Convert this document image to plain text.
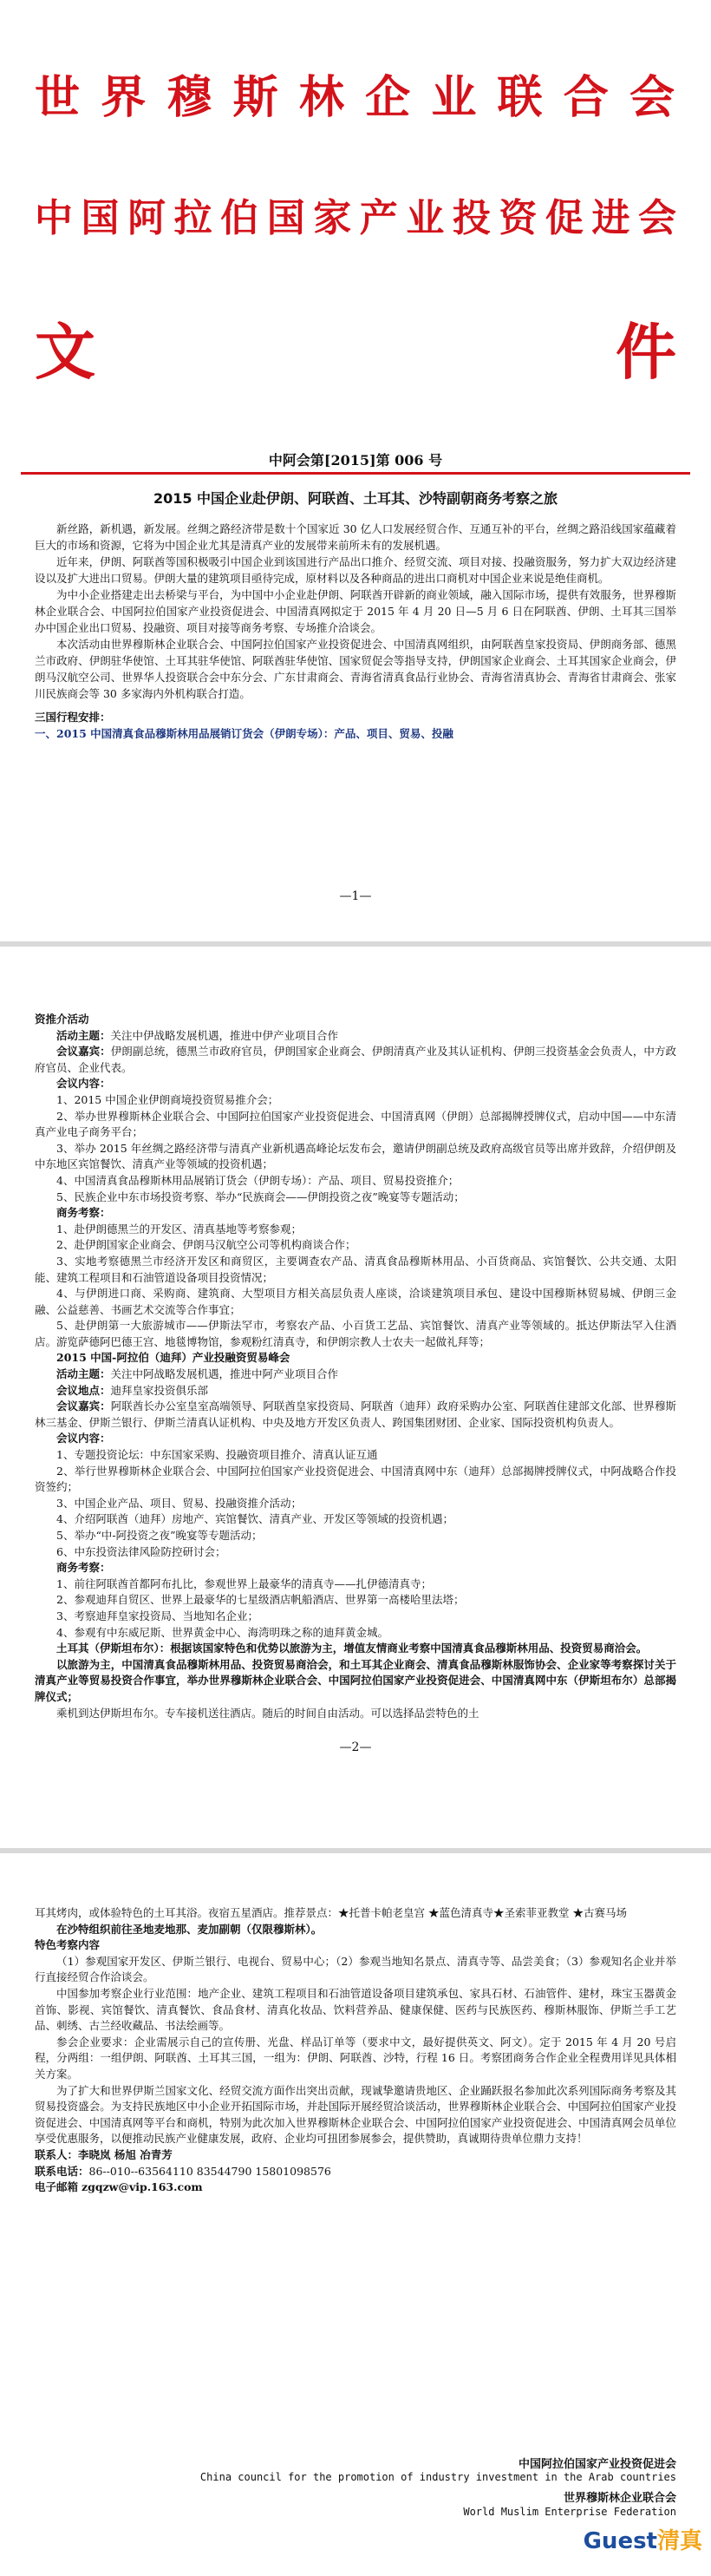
世界穆斯林企业联合会
中国阿拉伯国家产业投资促进会
文	件
中阿会第[2015]第 006 号
2015 中国企业赴伊朗、阿联酋、土耳其、沙特副朝商务考察之旅

新丝路，新机遇，新发展。丝绸之路经济带是数十个国家近 30 亿人口发展经贸合作、互通互补的平台，丝绸之路沿线国家蕴藏着巨大的市场和资源，它将为中国企业尤其是清真产业的发展带来前所未有的发展机遇。

近年来，伊朗、阿联酋等国积极吸引中国企业到该国进行产品出口推介、经贸交流、项目对接、投融资服务，努力扩大双边经济建设以及扩大进出口贸易。伊朗大量的建筑项目亟待完成，原材料以及各种商品的进出口商机对中国企业来说是绝佳商机。

为中小企业搭建走出去桥梁与平台，为中国中小企业赴伊朗、阿联酋开辟新的商业领域，融入国际市场，提供有效服务，世界穆斯林企业联合会、中国阿拉伯国家产业投资促进会、中国清真网拟定于 2015 年 4 月 20 日—5 月 6 日在阿联酋、伊朗、土耳其三国举办中国企业出口贸易、投融资、项目对接等商务考察、专场推介洽谈会。

本次活动由世界穆斯林企业联合会、中国阿拉伯国家产业投资促进会、中国清真网组织，由阿联酋皇家投资局、伊朗商务部、德黑兰市政府、伊朗驻华使馆、土耳其驻华使馆、阿联酋驻华使馆、国家贸促会等指导支持，伊朗国家企业商会、土耳其国家企业商会，伊朗马汉航空公司、世界华人投资联合会中东分会、广东甘肃商会、青海省清真食品行业协会、青海省清真协会、青海省甘肃商会、张家川民族商会等 30 多家海内外机构联合打造。

三国行程安排：

一、2015 中国清真食品穆斯林用品展销订货会（伊朗专场）：产品、项目、贸易、投融

—1—

资推介活动

活动主题：关注中伊战略发展机遇，推进中伊产业项目合作

会议嘉宾：伊朗副总统，德黑兰市政府官员，伊朗国家企业商会、伊朗清真产业及其认证机构、伊朗三投资基金会负责人，中方政府官员、企业代表。

会议内容：

1、2015 中国企业伊朗商境投资贸易推介会；

2、举办世界穆斯林企业联合会、中国阿拉伯国家产业投资促进会、中国清真网（伊朗）总部揭牌授牌仪式，启动中国——中东清真产业电子商务平台；

3、举办 2015 年丝绸之路经济带与清真产业新机遇高峰论坛发布会，邀请伊朗副总统及政府高级官员等出席并致辞，介绍伊朗及中东地区宾馆餐饮、清真产业等领域的投资机遇；

4、中国清真食品穆斯林用品展销订货会（伊朗专场）：产品、项目、贸易投资推介；

5、民族企业中东市场投资考察、举办“民族商会——伊朗投资之夜”晚宴等专题活动；

商务考察：

1、赴伊朗德黑兰的开发区、清真基地等考察参观；

2、赴伊朗国家企业商会、伊朗马汉航空公司等机构商谈合作；

3、实地考察德黑兰市经济开发区和商贸区，主要调查农产品、清真食品穆斯林用品、小百货商品、宾馆餐饮、公共交通、太阳能、建筑工程项目和石油管道设备项目投资情况；

4、与伊朗进口商、采购商、建筑商、大型项目方相关高层负责人座谈，洽谈建筑项目承包、建设中国穆斯林贸易城、伊朗三金融、公益慈善、书画艺术交流等合作事宜；

5、赴伊朗第一大旅游城市——伊斯法罕市，考察农产品、小百货工艺品、宾馆餐饮、清真产业等领域的。抵达伊斯法罕入住酒店。游览萨德阿巴德王宫、地毯博物馆，参观粉红清真寺，和伊朗宗教人士农夫一起做礼拜等；

2015 中国-阿拉伯（迪拜）产业投融资贸易峰会

活动主题：关注中阿战略发展机遇，推进中阿产业项目合作

会议地点：迪拜皇家投资俱乐部

会议嘉宾：阿联酋长办公室皇室高端领导、阿联酋皇家投资局、阿联酋（迪拜）政府采购办公室、阿联酋住建部文化部、世界穆斯林三基金、伊斯兰银行、伊斯兰清真认证机构、中央及地方开发区负责人、跨国集团财团、企业家、国际投资机构负责人。

会议内容：

1、专题投资论坛：中东国家采购、投融资项目推介、清真认证互通

2、举行世界穆斯林企业联合会、中国阿拉伯国家产业投资促进会、中国清真网中东（迪拜）总部揭牌授牌仪式，中阿战略合作投资签约；

3、中国企业产品、项目、贸易、投融资推介活动；

4、介绍阿联酋（迪拜）房地产、宾馆餐饮、清真产业、开发区等领域的投资机遇；

5、举办“中-阿投资之夜”晚宴等专题活动；

6、中东投资法律风险防控研讨会；

商务考察：

1、前往阿联酋首都阿布扎比，参观世界上最豪华的清真寺——扎伊德清真寺；

2、参观迪拜自贸区、世界上最豪华的七星级酒店帆船酒店、世界第一高楼哈里法塔；

3、考察迪拜皇家投资局、当地知名企业；

4、参观有中东威尼斯、世界黄金中心、海湾明珠之称的迪拜黄金城。

土耳其（伊斯坦布尔）：根据该国家特色和优势以旅游为主，增值友情商业考察中国清真食品穆斯林用品、投资贸易商洽会。

以旅游为主，中国清真食品穆斯林用品、投资贸易商洽会，和土耳其企业商会、清真食品穆斯林服饰协会、企业家等考察探讨关于清真产业等贸易投资合作事宜，举办世界穆斯林企业联合会、中国阿拉伯国家产业投资促进会、中国清真网中东（伊斯坦布尔）总部揭牌仪式；

乘机到达伊斯坦布尔。专车接机送往酒店。随后的时间自由活动。可以选择品尝特色的土

—2—

耳其烤肉，或体验特色的土耳其浴。夜宿五星酒店。推荐景点：★托普卡帕老皇宫 ★蓝色清真寺★圣索菲亚教堂 ★古赛马场

在沙特组织前往圣地麦地那、麦加副朝（仅限穆斯林）。

特色考察内容

（1）参观国家开发区、伊斯兰银行、电视台、贸易中心；（2）参观当地知名景点、清真寺等、品尝美食；（3）参观知名企业并举行直接经贸合作洽谈会。

中国参加考察企业行业范围：地产企业、建筑工程项目和石油管道设备项目建筑承包、家具石材、石油管件、建材，珠宝玉器黄金首饰、影视、宾馆餐饮、清真餐饮、食品食材、清真化妆品、饮料营养品、健康保健、医药与民族医药、穆斯林服饰、伊斯兰手工艺品、刺绣、古兰经收藏品、书法绘画等。

参会企业要求：企业需展示自己的宣传册、光盘、样品订单等（要求中文，最好提供英文、阿文）。定于 2015 年 4 月 20 号启程，分两组：一组伊朗、阿联酋、土耳其三国，一组为：伊朗、阿联酋、沙特，行程 16 日。考察团商务合作企业全程费用详见具体相关方案。

为了扩大和世界伊斯兰国家文化、经贸交流方面作出突出贡献，现诚挚邀请贵地区、企业踊跃报名参加此次系列国际商务考察及其贸易投资盛会。为支持民族地区中小企业开拓国际市场，并赴国际开展经贸洽谈活动，世界穆斯林企业联合会、中国阿拉伯国家产业投资促进会、中国清真网等平台和商机，特别为此次加入世界穆斯林企业联合会、中国阿拉伯国家产业投资促进会、中国清真网会员单位享受优惠服务，以便推动民族产业健康发展，政府、企业均可扭团参展参会，提供赞助，真诚期待贵单位鼎力支持！

联系人：李晓岚 杨旭 冶青芳

联系电话：86--010--63564110 83544790 15801098576

电子邮箱 zgqzw@vip.163.com

中国阿拉伯国家产业投资促进会
China council for the promotion of industry investment in the Arab countries
世界穆斯林企业联合会
World Muslim Enterprise Federation
Guest清真
